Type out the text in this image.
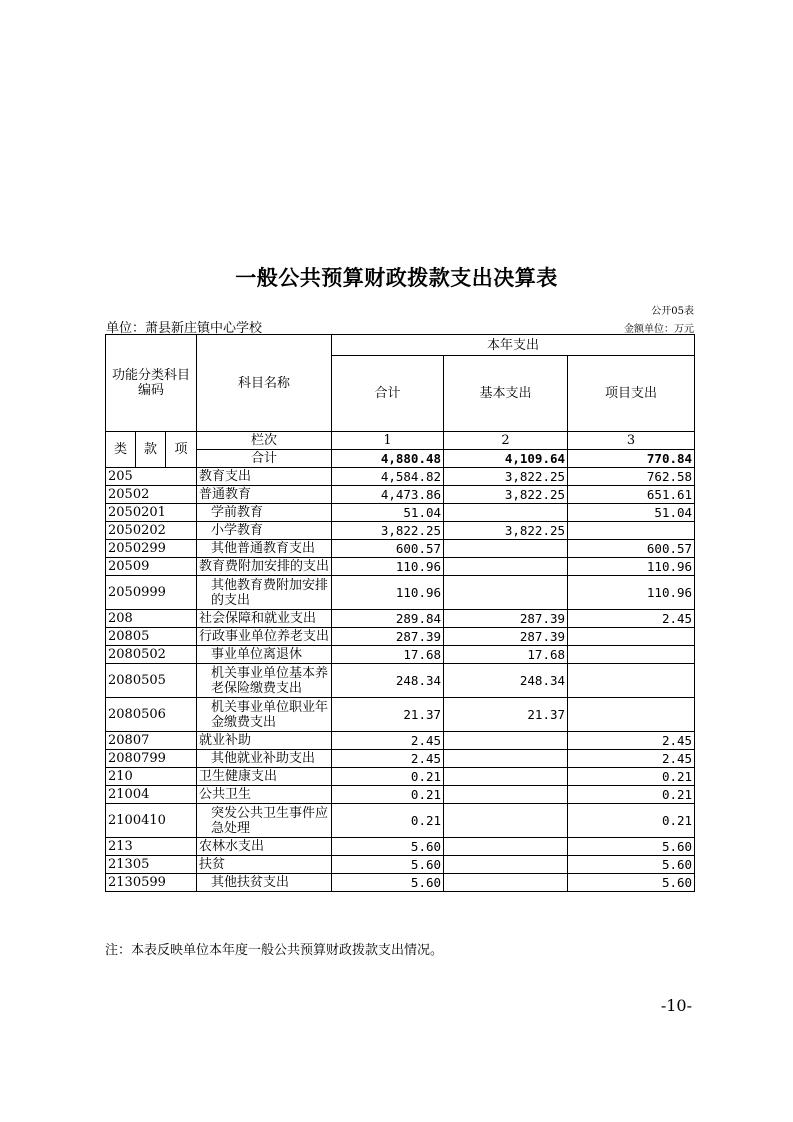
一般公共预算财政拨款支出决算表
公开05表
单位：萧县新庄镇中心学校	金额单位：万元
功能分类科目编码			科目名称	本年支出		
				合计	基本支出	项目支出
类	款	项	栏次	1	2	3
			合计	4,880.48	4,109.64	770.84
205			教育支出	4,584.82	3,822.25	762.58
20502			普通教育	4,473.86	3,822.25	651.61
2050201			学前教育	51.04		51.04
2050202			小学教育	3,822.25	3,822.25	
2050299			其他普通教育支出	600.57		600.57
20509			教育费附加安排的支出	110.96		110.96
2050999			其他教育费附加安排的支出	110.96		110.96
208			社会保障和就业支出	289.84	287.39	2.45
20805			行政事业单位养老支出	287.39	287.39	
2080502			事业单位离退休	17.68	17.68	
2080505			机关事业单位基本养老保险缴费支出	248.34	248.34	
2080506			机关事业单位职业年金缴费支出	21.37	21.37	
20807			就业补助	2.45		2.45
2080799			其他就业补助支出	2.45		2.45
210			卫生健康支出	0.21		0.21
21004			公共卫生	0.21		0.21
2100410			突发公共卫生事件应急处理	0.21		0.21
213			农林水支出	5.60		5.60
21305			扶贫	5.60		5.60
2130599			其他扶贫支出	5.60		5.60
注：本表反映单位本年度一般公共预算财政拨款支出情况。
-10-
